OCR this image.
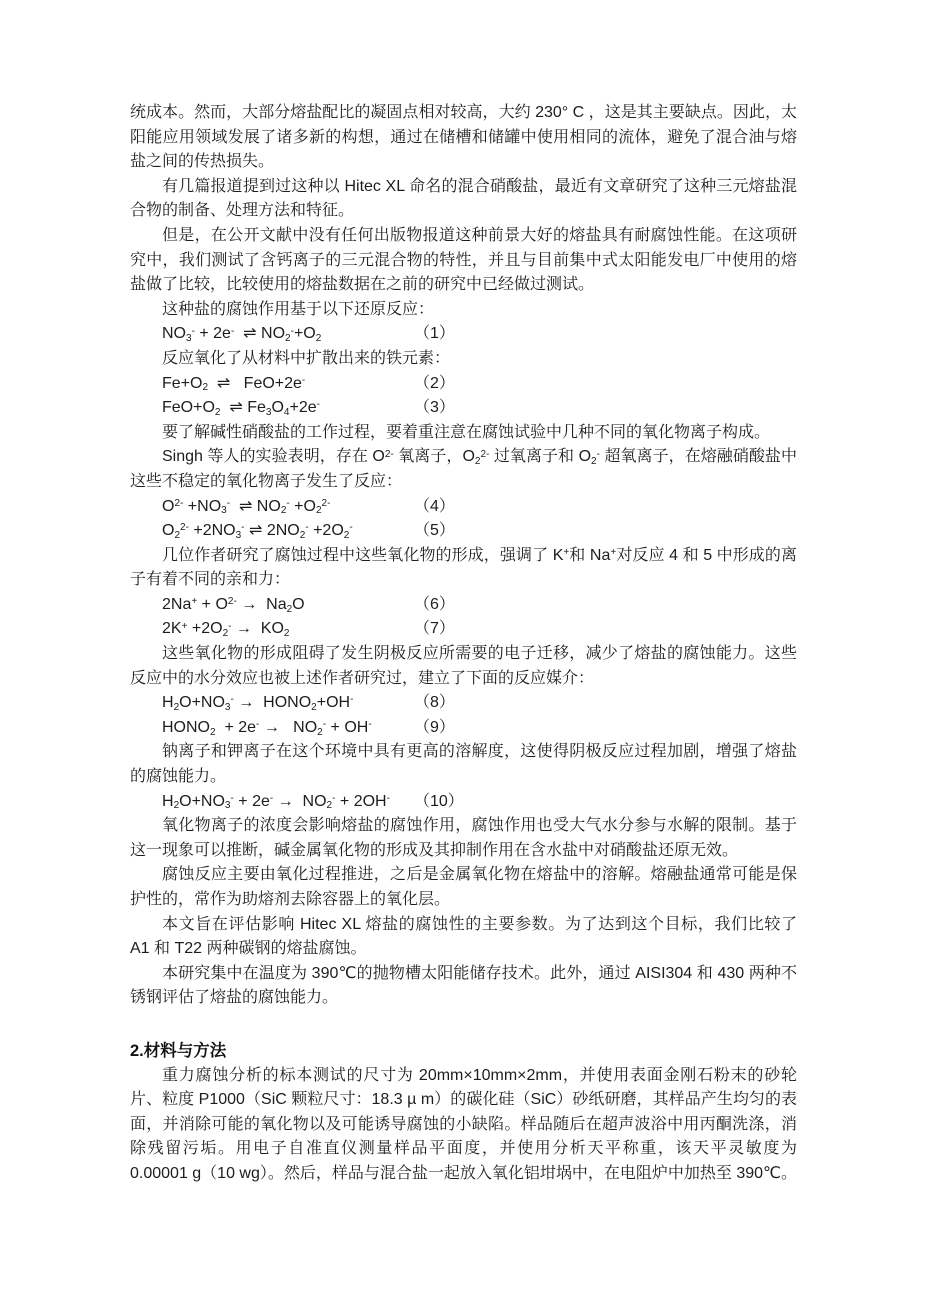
统成本。然而，大部分熔盐配比的凝固点相对较高，大约 230° C ，这是其主要缺点。因此，太阳能应用领域发展了诸多新的构想，通过在储槽和储罐中使用相同的流体，避免了混合油与熔盐之间的传热损失。

有几篇报道提到过这种以 Hitec XL 命名的混合硝酸盐，最近有文章研究了这种三元熔盐混合物的制备、处理方法和特征。

但是，在公开文献中没有任何出版物报道这种前景大好的熔盐具有耐腐蚀性能。在这项研究中，我们测试了含钙离子的三元混合物的特性，并且与目前集中式太阳能发电厂中使用的熔盐做了比较，比较使用的熔盐数据在之前的研究中已经做过测试。

这种盐的腐蚀作用基于以下还原反应：

$NO_3^- + 2e^-$  ⇌ $NO_2^-+O_2$	（1）

反应氧化了从材料中扩散出来的铁元素：

$Fe+O_2$  ⇌   FeO+2e-	（2）
$FeO+O_2$  ⇌ $Fe_3O_4+2e^-$	（3）

要了解碱性硝酸盐的工作过程，要着重注意在腐蚀试验中几种不同的氧化物离子构成。

Singh 等人的实验表明，存在 $O^{2-}$ 氧离子，$O_2^{2-}$ 过氧离子和 $O_2^-$ 超氧离子，在熔融硝酸盐中这些不稳定的氧化物离子发生了反应：

$O^{2-} +NO_3^-$  ⇌ $NO_2^- +O_2^{2-}$	（4）
$O_2^{2-} +2NO_3^-$ ⇌ $2NO_2^- +2O_2^-$	（5）

几位作者研究了腐蚀过程中这些氧化物的形成，强调了 K+和 Na+对反应 4 和 5 中形成的离子有着不同的亲和力：

$2Na^+ + O^{2-} \to Na_2O$	（6）
$2K^+ +2O_2^- \to KO_2$	（7）

这些氧化物的形成阻碍了发生阴极反应所需要的电子迁移，减少了熔盐的腐蚀能力。这些反应中的水分效应也被上述作者研究过，建立了下面的反应媒介：

$H_2O+NO_3^-$ →  $HONO_2+OH^-$	（8）
$HONO_2 + 2e^- \to NO_2^- + OH^-$	（9）

钠离子和钾离子在这个环境中具有更高的溶解度，这使得阴极反应过程加剧，增强了熔盐的腐蚀能力。

$H_2O+NO_3^- + 2e^- \to NO_2^- + 2OH^-$ （10）

氧化物离子的浓度会影响熔盐的腐蚀作用，腐蚀作用也受大气水分参与水解的限制。基于这一现象可以推断，碱金属氧化物的形成及其抑制作用在含水盐中对硝酸盐还原无效。

腐蚀反应主要由氧化过程推进，之后是金属氧化物在熔盐中的溶解。熔融盐通常可能是保护性的，常作为助熔剂去除容器上的氧化层。

本文旨在评估影响 Hitec XL 熔盐的腐蚀性的主要参数。为了达到这个目标，我们比较了 A1 和 T22 两种碳钢的熔盐腐蚀。

本研究集中在温度为 390℃的抛物槽太阳能储存技术。此外，通过 AISI304 和 430 两种不锈钢评估了熔盐的腐蚀能力。

2.材料与方法

重力腐蚀分析的标本测试的尺寸为 20mm×10mm×2mm，并使用表面金刚石粉末的砂轮片、粒度 P1000（SiC 颗粒尺寸：18.3 µ m）的碳化硅（SiC）砂纸研磨，其样品产生均匀的表面，并消除可能的氧化物以及可能诱导腐蚀的小缺陷。样品随后在超声波浴中用丙酮洗涤，消除残留污垢。用电子自准直仪测量样品平面度，并使用分析天平称重，该天平灵敏度为 0.00001 g（10 wg）。然后，样品与混合盐一起放入氧化铝坩埚中，在电阻炉中加热至 390℃。
